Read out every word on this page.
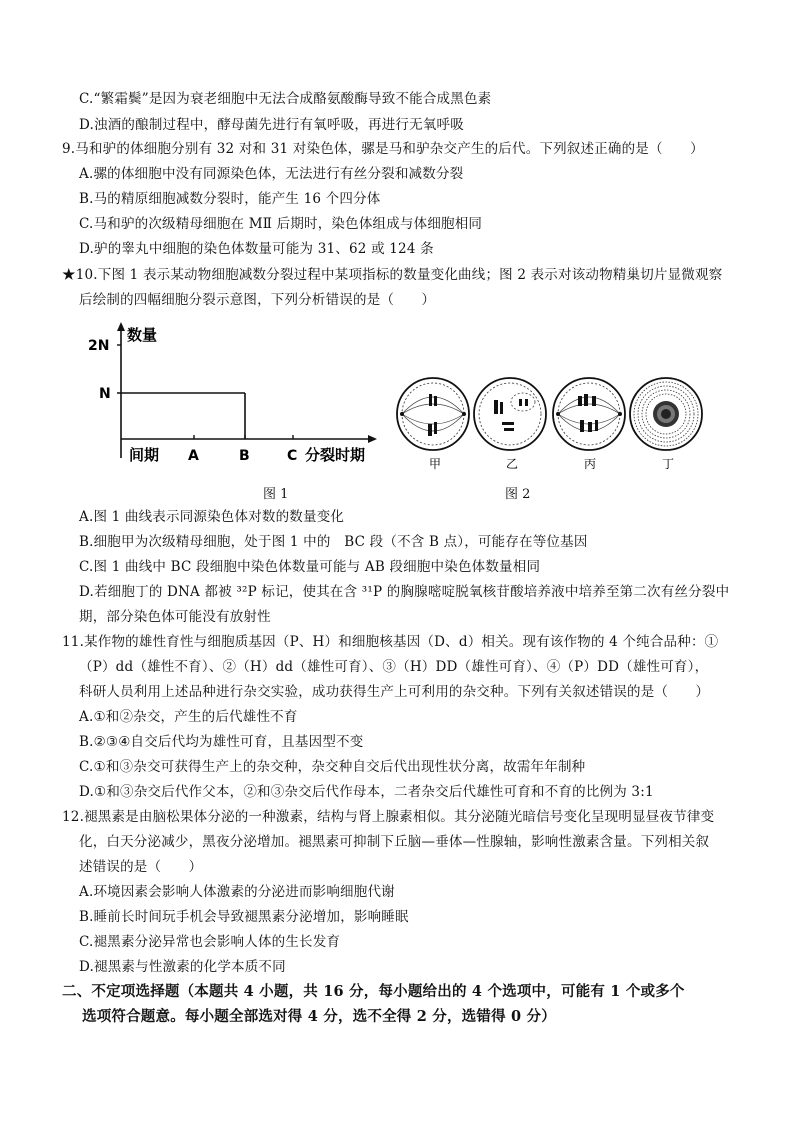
C.“繁霜鬓”是因为衰老细胞中无法合成酪氨酸酶导致不能合成黑色素
D.浊酒的酿制过程中，酵母菌先进行有氧呼吸，再进行无氧呼吸
9.马和驴的体细胞分别有 32 对和 31 对染色体，骡是马和驴杂交产生的后代。下列叙述正确的是（　　）
A.骡的体细胞中没有同源染色体，无法进行有丝分裂和减数分裂
B.马的精原细胞减数分裂时，能产生 16 个四分体
C.马和驴的次级精母细胞在 MⅡ 后期时，染色体组成与体细胞相同
D.驴的睾丸中细胞的染色体数量可能为 31、62 或 124 条
★10.下图 1 表示某动物细胞减数分裂过程中某项指标的数量变化曲线；图 2 表示对该动物精巢切片显微观察
后绘制的四幅细胞分裂示意图，下列分析错误的是（　　）
数量
2N
N
间期 A	B	C 分裂时期	甲	乙	丙	丁
图 1	图 2
A.图 1 曲线表示同源染色体对数的数量变化
B.细胞甲为次级精母细胞，处于图 1 中的　BC 段（不含 B 点），可能存在等位基因
C.图 1 曲线中 BC 段细胞中染色体数量可能与 AB 段细胞中染色体数量相同
D.若细胞丁的 DNA 都被 ³²P 标记，使其在含 ³¹P 的胸腺嘧啶脱氧核苷酸培养液中培养至第二次有丝分裂中
期，部分染色体可能没有放射性
11.某作物的雄性育性与细胞质基因（P、H）和细胞核基因（D、d）相关。现有该作物的 4 个纯合品种：①
（P）dd（雄性不育）、②（H）dd（雄性可育）、③（H）DD（雄性可育）、④（P）DD（雄性可育），
科研人员利用上述品种进行杂交实验，成功获得生产上可利用的杂交种。下列有关叙述错误的是（　　）
A.①和②杂交，产生的后代雄性不育
B.②③④自交后代均为雄性可育，且基因型不变
C.①和③杂交可获得生产上的杂交种，杂交种自交后代出现性状分离，故需年年制种
D.①和③杂交后代作父本，②和③杂交后代作母本，二者杂交后代雄性可育和不育的比例为 3:1
12.褪黑素是由脑松果体分泌的一种激素，结构与肾上腺素相似。其分泌随光暗信号变化呈现明显昼夜节律变
化，白天分泌减少，黑夜分泌增加。褪黑素可抑制下丘脑—垂体—性腺轴，影响性激素含量。下列相关叙
述错误的是（　　）
A.环境因素会影响人体激素的分泌进而影响细胞代谢
B.睡前长时间玩手机会导致褪黑素分泌增加，影响睡眠
C.褪黑素分泌异常也会影响人体的生长发育
D.褪黑素与性激素的化学本质不同
二、不定项选择题（本题共 4 小题，共 16 分，每小题给出的 4 个选项中，可能有 1 个或多个
选项符合题意。每小题全部选对得 4 分，选不全得 2 分，选错得 0 分）
